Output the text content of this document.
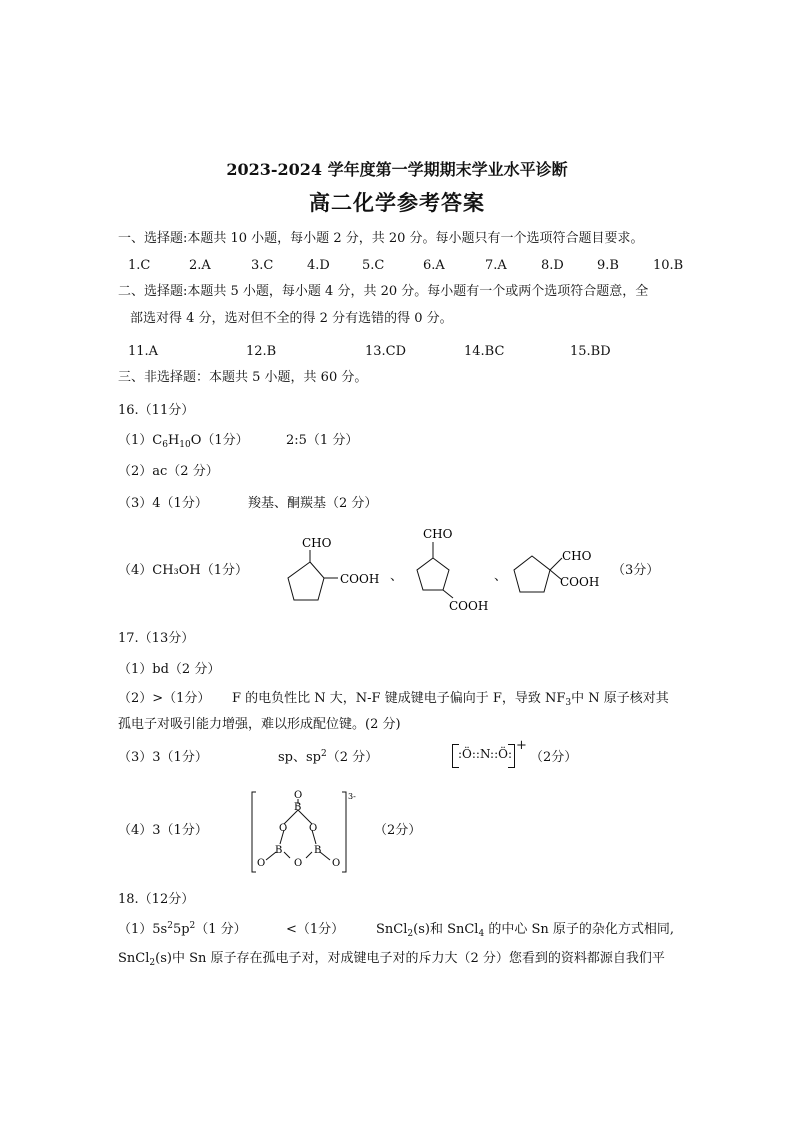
2023-2024 学年度第一学期期末学业水平诊断
高二化学参考答案
一、选择题:本题共 10 小题，每小题 2 分，共 20 分。每小题只有一个选项符合题目要求。
1.C	2.A	3.C	4.D 5.C	6.A	7.A	8.D	9.B	10.B
二、选择题:本题共 5 小题，每小题 4 分，共 20 分。每小题有一个或两个选项符合题意，全
部选对得 4 分，选对但不全的得 2 分有选错的得 0 分。
11.A	12.B	13.CD	14.BC	15.BD
三、非选择题：本题共 5 小题，共 60 分。
16.（11分）
$(1)C_6H_{10}O(1$分）	2:5（1 分）
（2）ac（2 分）
（3）4（1分）	羧基、酮羰基（2 分）
（4）CH₃OH（1分）
CHO
COOH 、
CHO
COOH
、
CHO
COOH
（3分）
17.（13分）
（1）bd（2 分）
（2）>（1分） F 的电负性比 N 大，N-F 键成键电子偏向于 F，导致 $NF_3$中 N 原子核对其
孤电子对吸引能力增强，难以形成配位键。(2 分)
（3）3（1分）	sp、$sp^2(2$ 分）	:Ö::N::Ö:
+
（2分）
（4）3（1分）
O
B
O O
B	B
O
O	O
3-
（2分）
18.（12分）
$(1)5s^25p^2(1$ 分）	<（1分） SnCl$_2$(s)和 SnCl$_4$ 的中心 Sn 原子的杂化方式相同,
SnCl$_2$(s)中 Sn 原子存在孤电子对，对成键电子对的斥力大（2 分）您看到的资料都源自我们平
